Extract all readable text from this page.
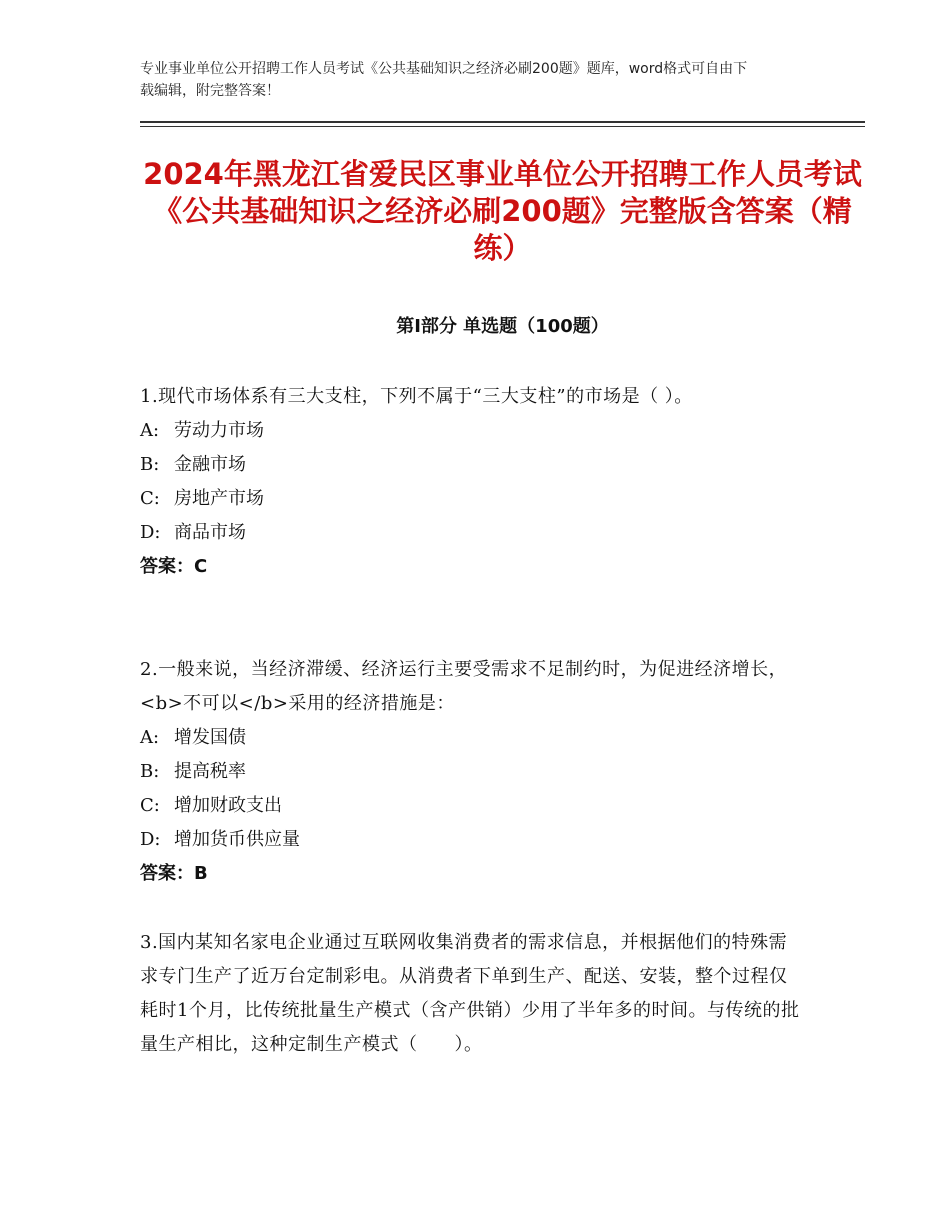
专业事业单位公开招聘工作人员考试《公共基础知识之经济必刷200题》题库，word格式可自由下载编辑，附完整答案！
2024年黑龙江省爱民区事业单位公开招聘工作人员考试《公共基础知识之经济必刷200题》完整版含答案（精练）
第Ⅰ部分 单选题（100题）
1.现代市场体系有三大支柱，下列不属于“三大支柱”的市场是（ ）。
A: 劳动力市场
B: 金融市场
C: 房地产市场
D: 商品市场
答案：C
2.一般来说，当经济滞缓、经济运行主要受需求不足制约时，为促进经济增长，<b>不可以</b>采用的经济措施是：
A: 增发国债
B: 提高税率
C: 增加财政支出
D: 增加货币供应量
答案：B
3.国内某知名家电企业通过互联网收集消费者的需求信息，并根据他们的特殊需求专门生产了近万台定制彩电。从消费者下单到生产、配送、安装，整个过程仅耗时1个月，比传统批量生产模式（含产供销）少用了半年多的时间。与传统的批量生产相比，这种定制生产模式（　　）。
